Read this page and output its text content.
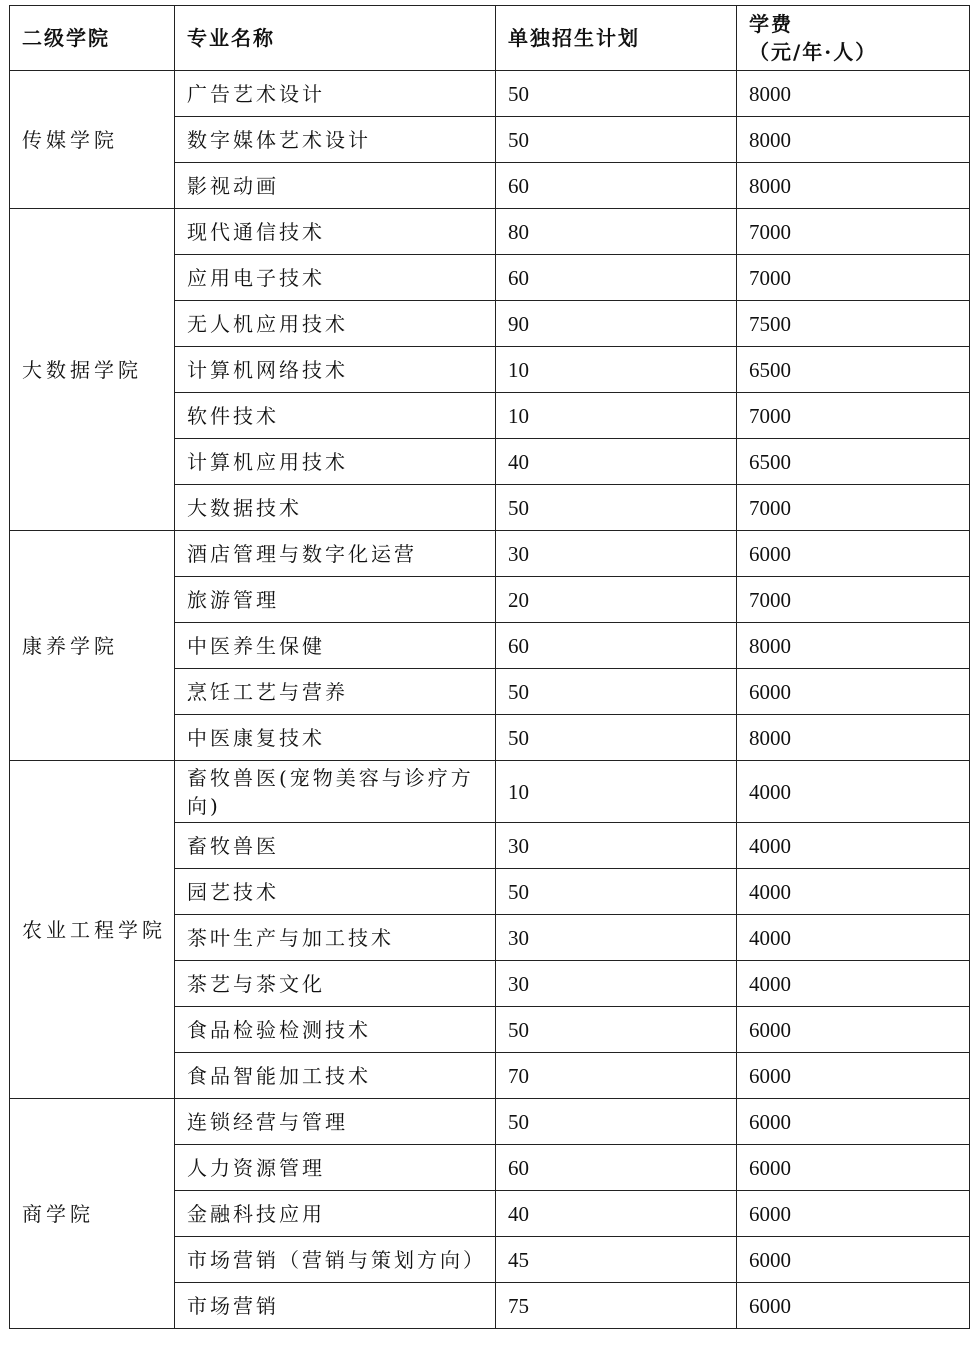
二级学院	专业名称	单独招生计划	学费
（元/年·人）

传媒学院	广告艺术设计	50	8000
	数字媒体艺术设计	50	8000
	影视动画	60	8000
大数据学院	现代通信技术	80	7000
	应用电子技术	60	7000
	无人机应用技术	90	7500
	计算机网络技术	10	6500
	软件技术	10	7000
	计算机应用技术	40	6500
	大数据技术	50	7000
康养学院	酒店管理与数字化运营	30	6000
	旅游管理	20	7000
	中医养生保健	60	8000
	烹饪工艺与营养	50	6000
	中医康复技术	50	8000
农业工程学院	畜牧兽医(宠物美容与诊疗方向)	10	4000
	畜牧兽医	30	4000
	园艺技术	50	4000
	茶叶生产与加工技术	30	4000
	茶艺与茶文化	30	4000
	食品检验检测技术	50	6000
	食品智能加工技术	70	6000
商学院	连锁经营与管理	50	6000
	人力资源管理	60	6000
	金融科技应用	40	6000
	市场营销（营销与策划方向）	45	6000
	市场营销	75	6000
